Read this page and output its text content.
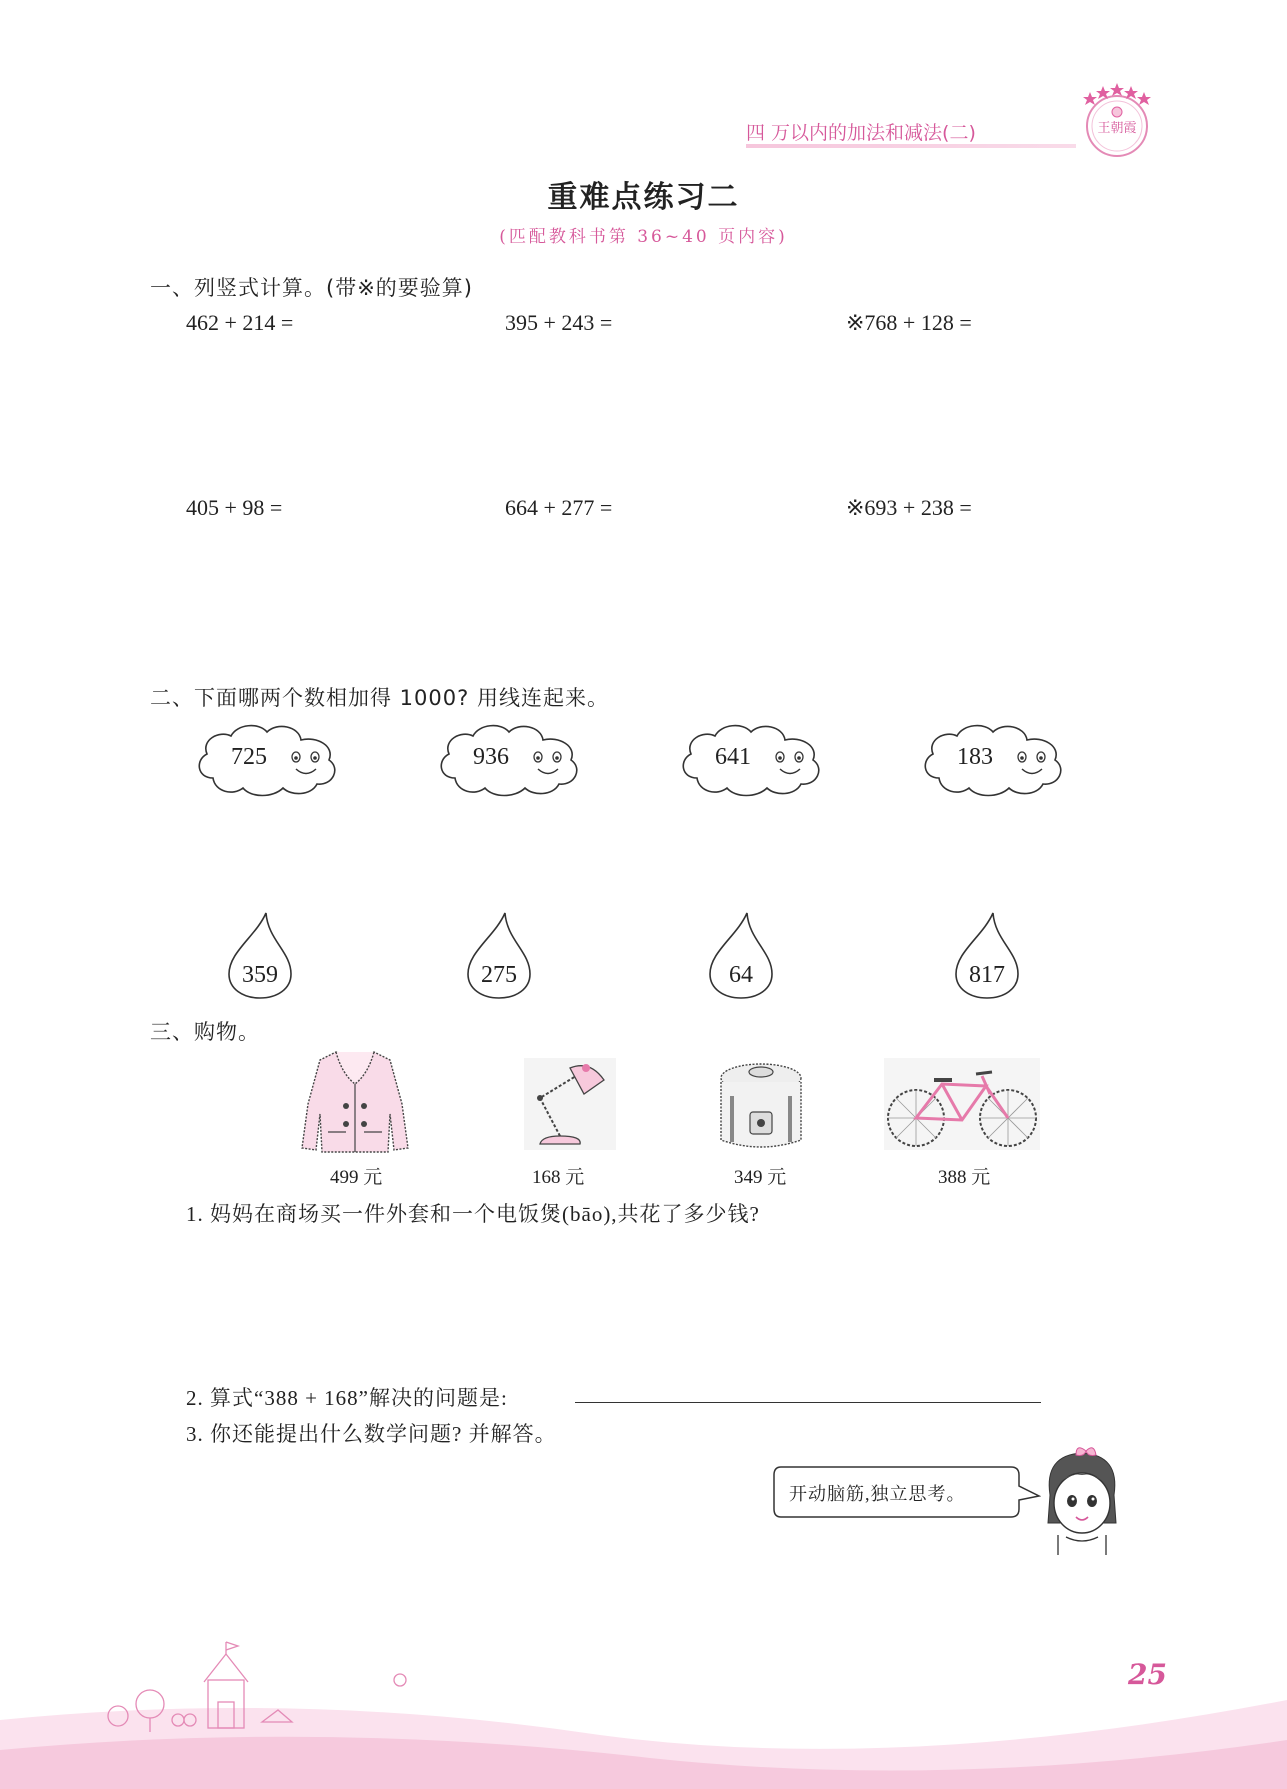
四 万以内的加法和减法(二)	王朝霞
重难点练习二
(匹配教科书第 36~40 页内容)
一、列竖式计算。(带※的要验算)
462 + 214 =	395 + 243 =	※768 + 128 =
405 + 98 =	664 + 277 =	※693 + 238 =
二、下面哪两个数相加得 1000? 用线连起来。
725	936	641	183
359	275	64	817
三、购物。
499 元	168 元	349 元	388 元
1. 妈妈在商场买一件外套和一个电饭煲(bāo),共花了多少钱?
2. 算式“388 + 168”解决的问题是:
3. 你还能提出什么数学问题? 并解答。
开动脑筋,独立思考。
25
